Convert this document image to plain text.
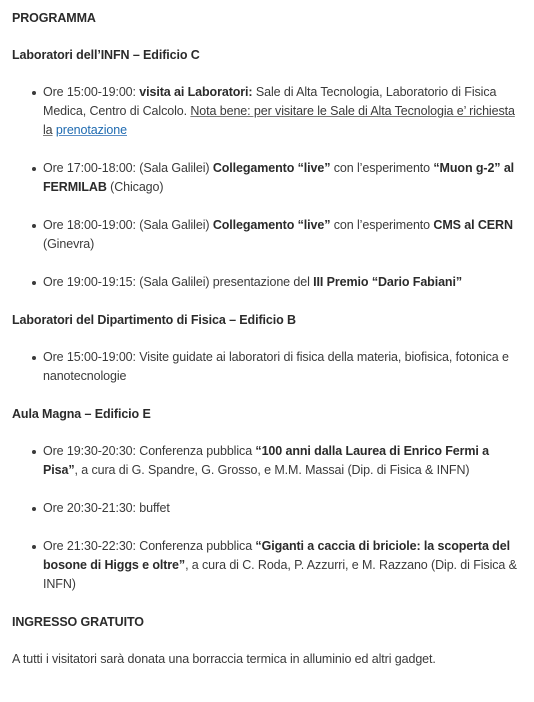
PROGRAMMA

Laboratori dell’INFN – Edificio C

Ore 15:00-19:00: visita ai Laboratori: Sale di Alta Tecnologia, Laboratorio di Fisica Medica, Centro di Calcolo. Nota bene: per visitare le Sale di Alta Tecnologia e’ richiesta la prenotazione
Ore 17:00-18:00: (Sala Galilei) Collegamento “live” con l’esperimento “Muon g-2” al FERMILAB (Chicago)
Ore 18:00-19:00: (Sala Galilei) Collegamento “live” con l’esperimento CMS al CERN (Ginevra)
Ore 19:00-19:15: (Sala Galilei) presentazione del III Premio “Dario Fabiani”

Laboratori del Dipartimento di Fisica – Edificio B

Ore 15:00-19:00: Visite guidate ai laboratori di fisica della materia, biofisica, fotonica e nanotecnologie

Aula Magna – Edificio E

Ore 19:30-20:30: Conferenza pubblica “100 anni dalla Laurea di Enrico Fermi a Pisa”, a cura di G. Spandre, G. Grosso, e M.M. Massai (Dip. di Fisica & INFN)
Ore 20:30-21:30: buffet
Ore 21:30-22:30: Conferenza pubblica “Giganti a caccia di briciole: la scoperta del bosone di Higgs e oltre”, a cura di C. Roda, P. Azzurri, e M. Razzano (Dip. di Fisica & INFN)

INGRESSO GRATUITO

A tutti i visitatori sarà donata una borraccia termica in alluminio ed altri gadget.
